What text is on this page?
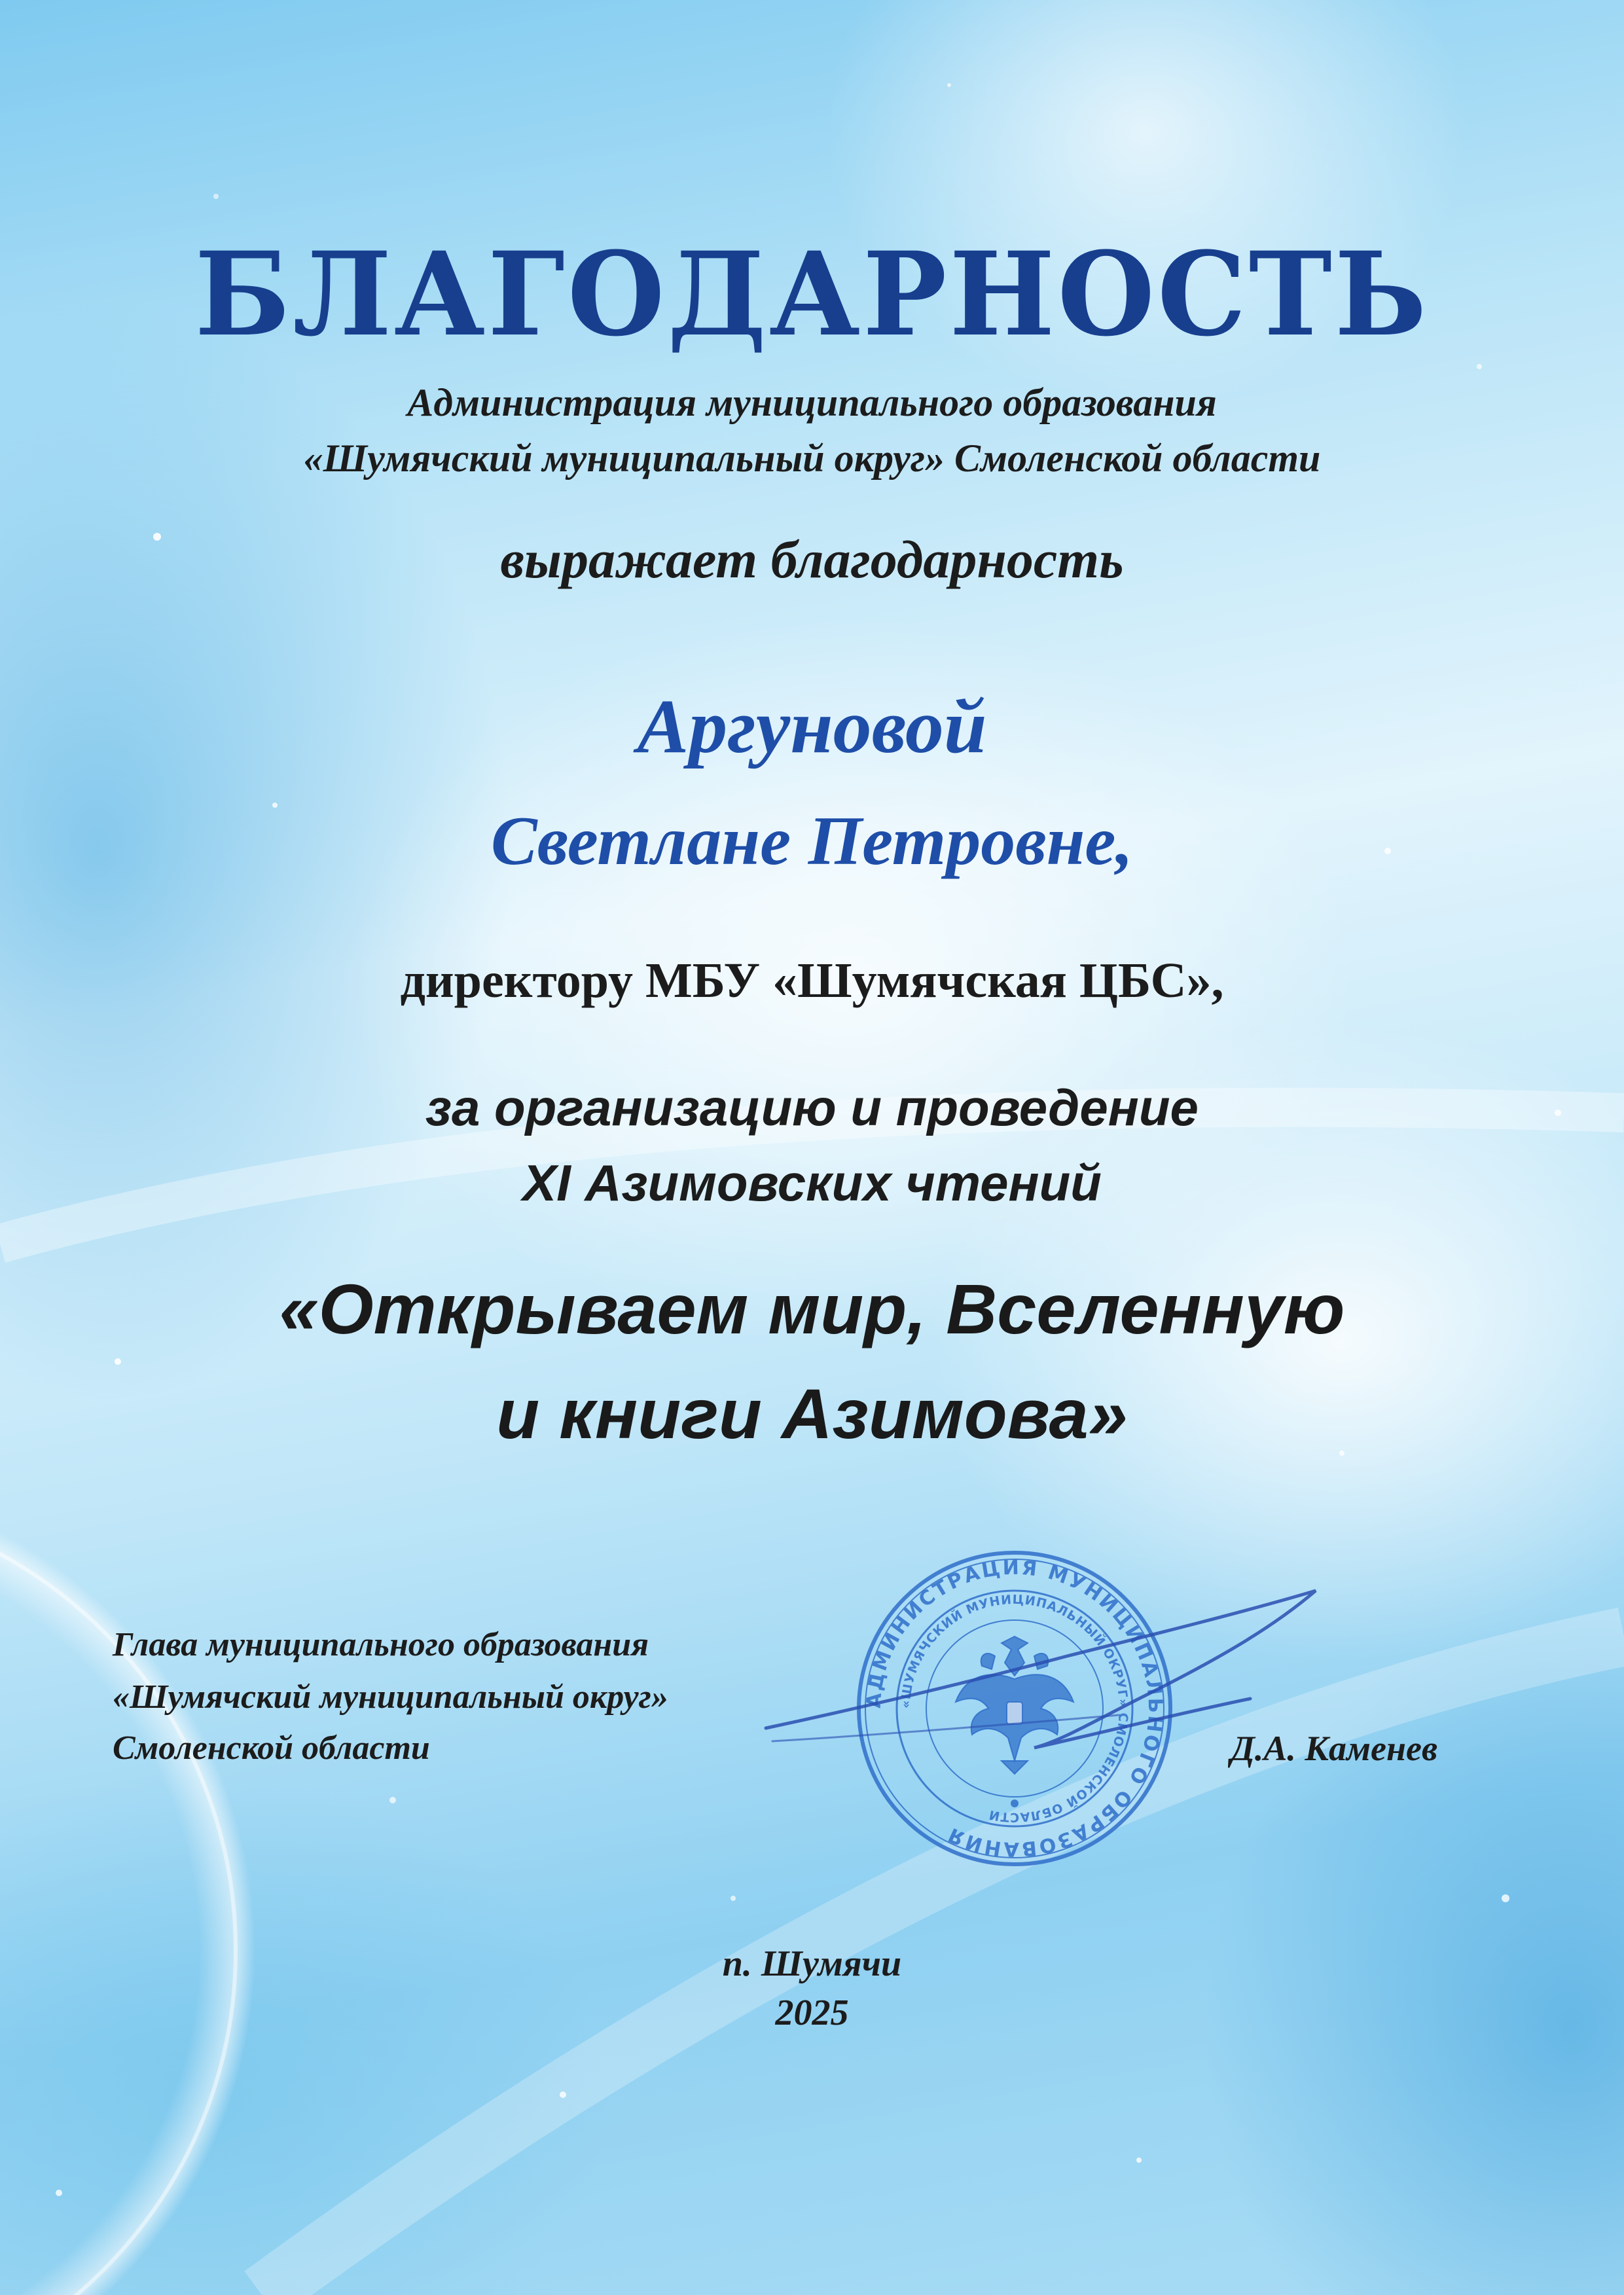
БЛАГОДАРНОСТЬ
Администрация муниципального образования
«Шумячский муниципальный округ» Смоленской области
выражает благодарность
Аргуновой
Светлане Петровне,
директору МБУ «Шумячская ЦБС»,
за организацию и проведение
XI Азимовских чтений
«Открываем мир, Вселенную
и книги Азимова»
Глава муниципального образования
«Шумячский муниципальный округ»
Смоленской области	Д.А. Каменев
АДМИНИСТРАЦИЯ МУНИЦИПАЛЬНОГО ОБРАЗОВАНИЯ
«ШУМЯЧСКИЙ МУНИЦИПАЛЬНЫЙ ОКРУГ» СМОЛЕНСКОЙ ОБЛАСТИ
п. Шумячи
2025
